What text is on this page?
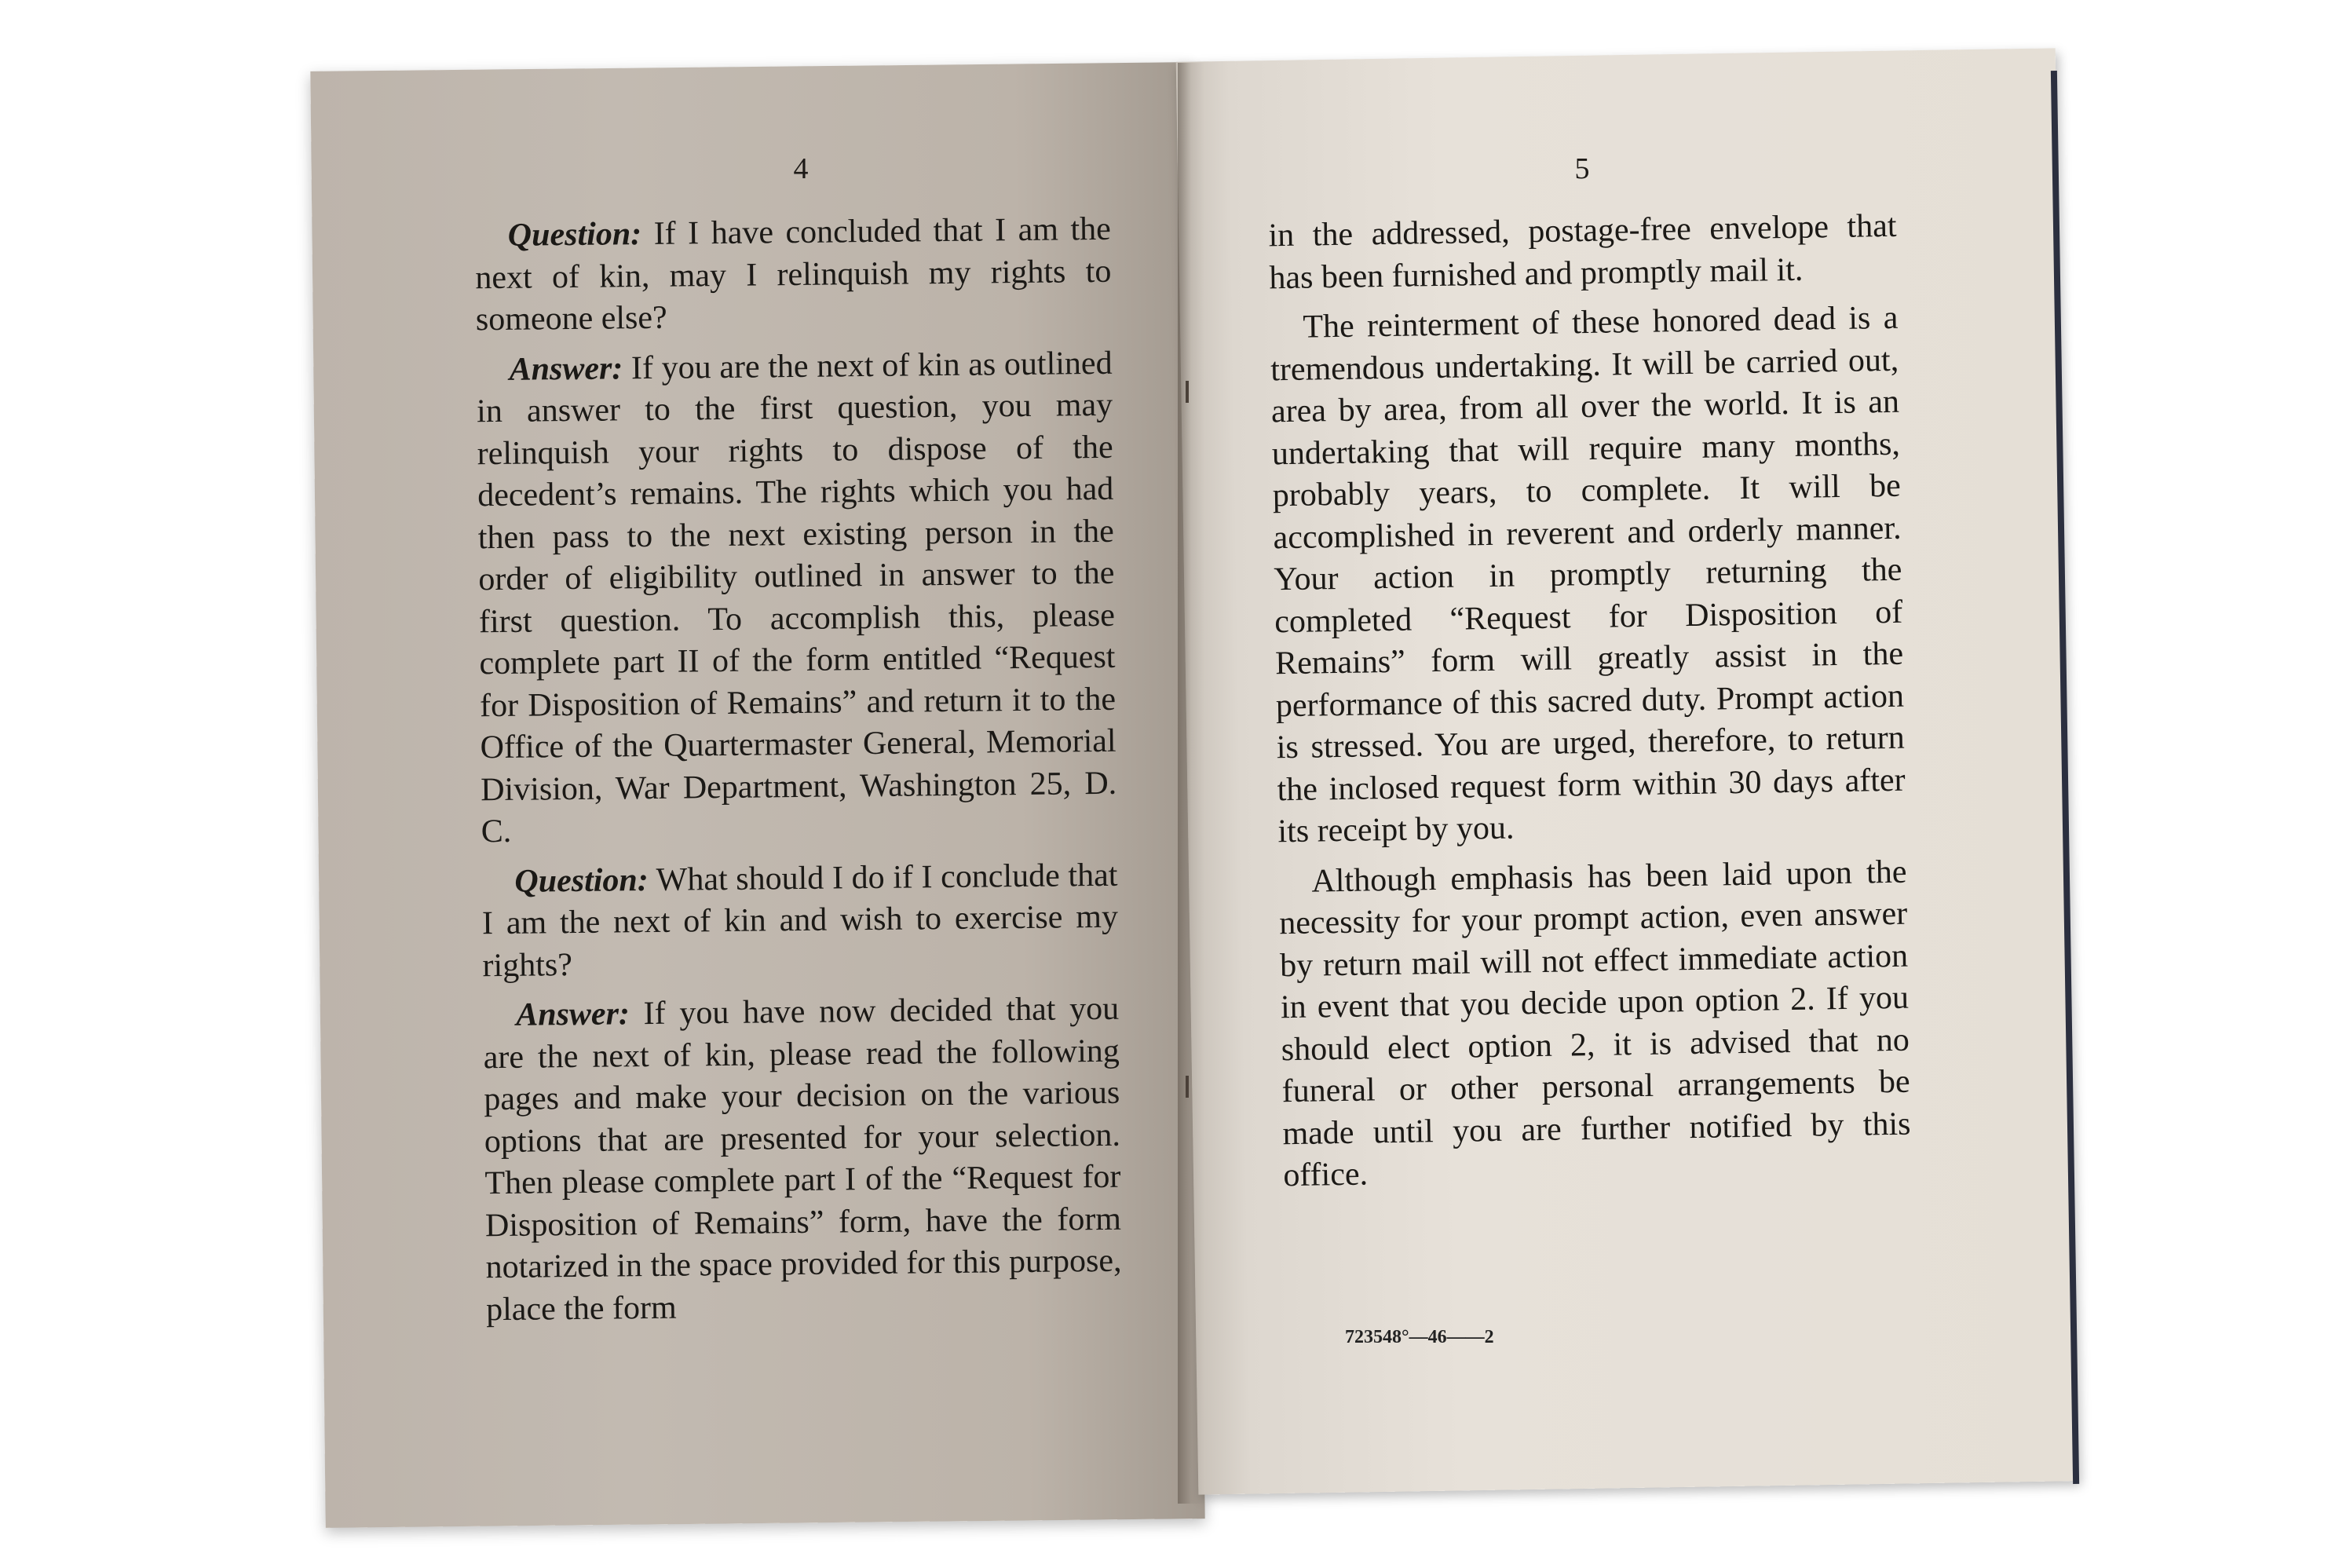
4

Question: If I have concluded that I am the next of kin, may I relinquish my rights to someone else?

Answer: If you are the next of kin as outlined in answer to the first question, you may relinquish your rights to dispose of the decedent’s remains. The rights which you had then pass to the next existing person in the order of eligibility outlined in answer to the first question. To accomplish this, please complete part II of the form entitled “Request for Disposition of Remains” and return it to the Office of the Quartermaster General, Memorial Division, War Department, Washington 25, D. C.

Question: What should I do if I conclude that I am the next of kin and wish to exercise my rights?

Answer: If you have now decided that you are the next of kin, please read the following pages and make your decision on the various options that are presented for your selection. Then please complete part I of the “Request for Disposition of Remains” form, have the form notarized in the space provided for this purpose, place the form

5

in the addressed, postage-free envelope that has been furnished and promptly mail it.

The reinterment of these honored dead is a tremendous undertaking. It will be carried out, area by area, from all over the world. It is an undertaking that will require many months, probably years, to complete. It will be accomplished in reverent and orderly manner. Your action in promptly returning the completed “Request for Disposition of Remains” form will greatly assist in the performance of this sacred duty. Prompt action is stressed. You are urged, therefore, to return the inclosed request form within 30 days after its receipt by you.

Although emphasis has been laid upon the necessity for your prompt action, even answer by return mail will not effect immediate action in event that you decide upon option 2. If you should elect option 2, it is advised that no funeral or other personal arrangements be made until you are further notified by this office.

723548°—46——2
